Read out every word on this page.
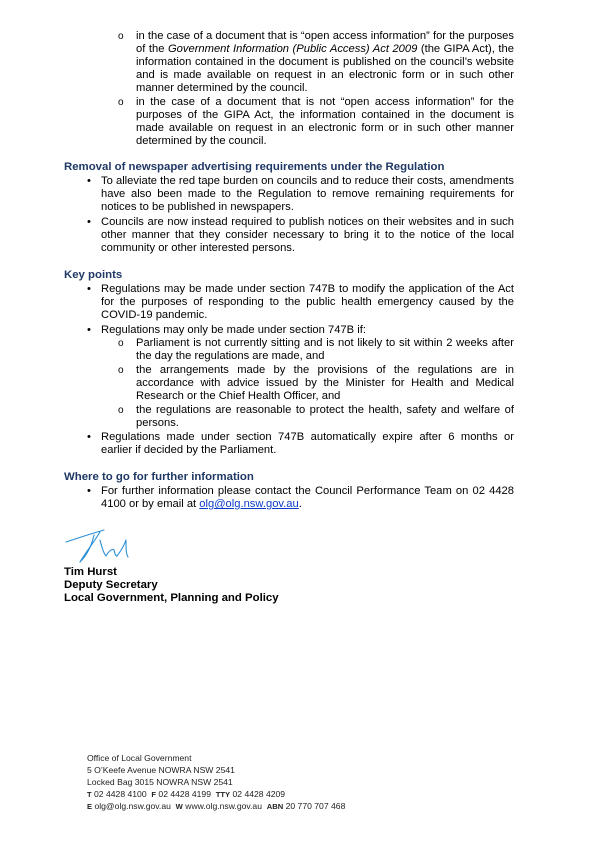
o in the case of a document that is “open access information” for the purposes of the Government Information (Public Access) Act 2009 (the GIPA Act), the information contained in the document is published on the council’s website and is made available on request in an electronic form or in such other manner determined by the council.
o in the case of a document that is not “open access information” for the purposes of the GIPA Act, the information contained in the document is made available on request in an electronic form or in such other manner determined by the council.
Removal of newspaper advertising requirements under the Regulation
• To alleviate the red tape burden on councils and to reduce their costs, amendments have also been made to the Regulation to remove remaining requirements for notices to be published in newspapers.
• Councils are now instead required to publish notices on their websites and in such other manner that they consider necessary to bring it to the notice of the local community or other interested persons.
Key points
• Regulations may be made under section 747B to modify the application of the Act for the purposes of responding to the public health emergency caused by the COVID-19 pandemic.
• Regulations may only be made under section 747B if:
o Parliament is not currently sitting and is not likely to sit within 2 weeks after the day the regulations are made, and
o the arrangements made by the provisions of the regulations are in accordance with advice issued by the Minister for Health and Medical Research or the Chief Health Officer, and
o the regulations are reasonable to protect the health, safety and welfare of persons.
• Regulations made under section 747B automatically expire after 6 months or earlier if decided by the Parliament.
Where to go for further information
• For further information please contact the Council Performance Team on 02 4428 4100 or by email at olg@olg.nsw.gov.au.
Tim Hurst
Deputy Secretary
Local Government, Planning and Policy
Office of Local Government
5 O’Keefe Avenue NOWRA NSW 2541
Locked Bag 3015 NOWRA NSW 2541
T 02 4428 4100 F 02 4428 4199 TTY 02 4428 4209
E olg@olg.nsw.gov.au W www.olg.nsw.gov.au ABN 20 770 707 468
